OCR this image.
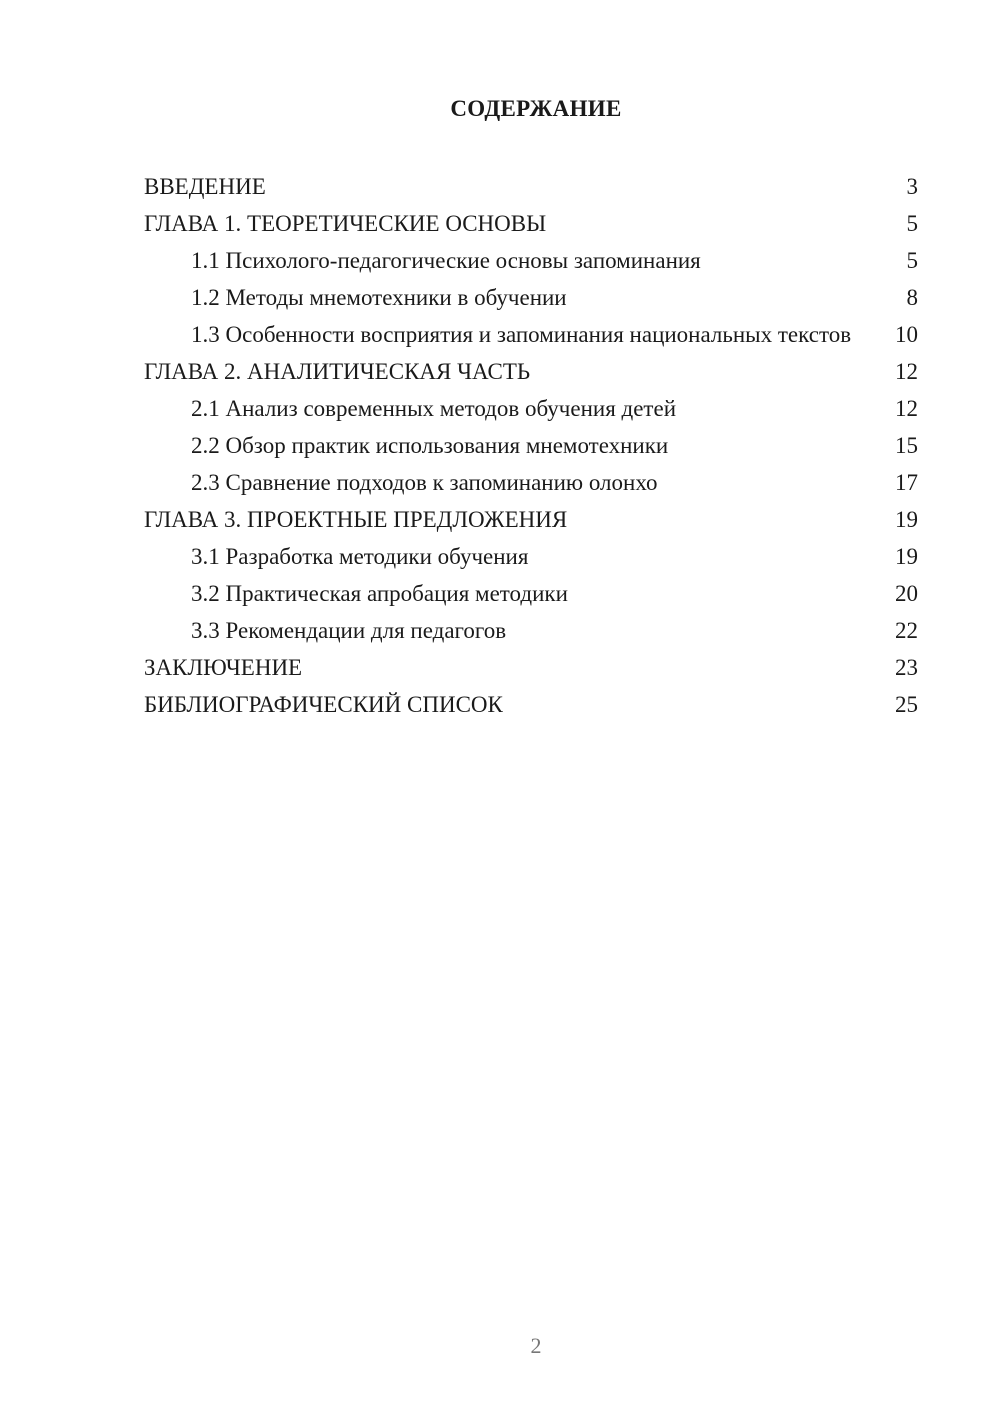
СОДЕРЖАНИЕ
ВВЕДЕНИЕ	3
ГЛАВА 1. ТЕОРЕТИЧЕСКИЕ ОСНОВЫ	5
1.1 Психолого-педагогические основы запоминания	5
1.2 Методы мнемотехники в обучении	8
1.3 Особенности восприятия и запоминания национальных текстов	10
ГЛАВА 2. АНАЛИТИЧЕСКАЯ ЧАСТЬ	12
2.1 Анализ современных методов обучения детей	12
2.2 Обзор практик использования мнемотехники	15
2.3 Сравнение подходов к запоминанию олонхо	17
ГЛАВА 3. ПРОЕКТНЫЕ ПРЕДЛОЖЕНИЯ	19
3.1 Разработка методики обучения	19
3.2 Практическая апробация методики	20
3.3 Рекомендации для педагогов	22
ЗАКЛЮЧЕНИЕ	23
БИБЛИОГРАФИЧЕСКИЙ СПИСОК	25
2
